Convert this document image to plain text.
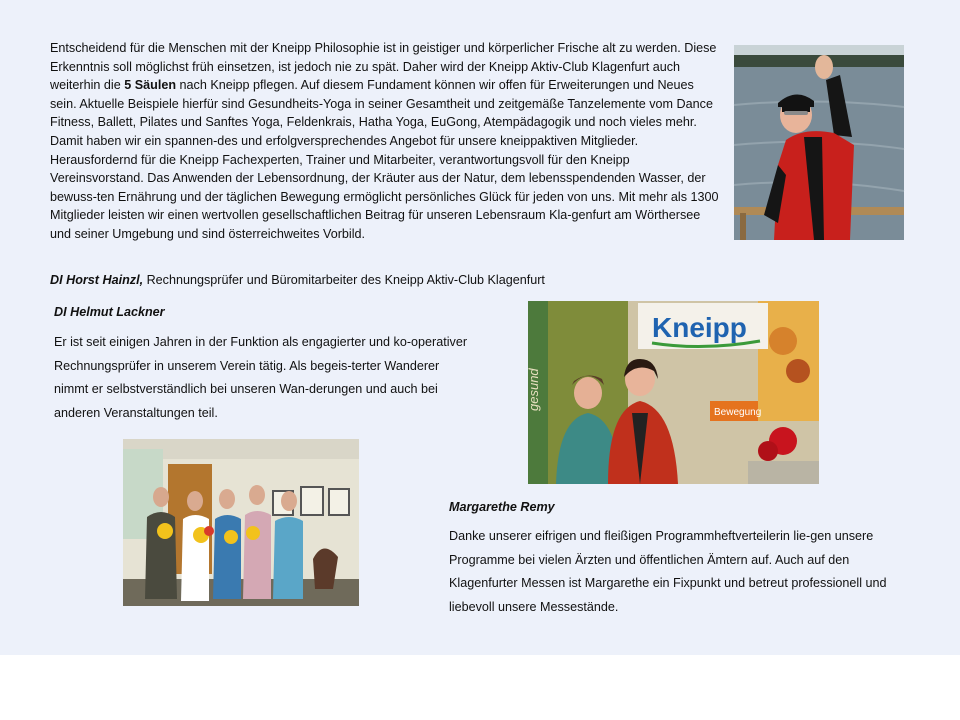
Entscheidend für die Menschen mit der Kneipp Philosophie ist in geistiger und körperlicher Frische alt zu werden. Diese Erkenntnis soll möglichst früh einsetzen, ist jedoch nie zu spät. Daher wird der Kneipp Aktiv-Club Klagenfurt auch weiterhin die 5 Säulen nach Kneipp pflegen. Auf diesem Fundament können wir offen für Erweiterungen und Neues sein. Aktuelle Beispiele hierfür sind Gesundheits-Yoga in seiner Gesamtheit und zeitgemäße Tanzelemente vom Dance Fitness, Ballett, Pilates und Sanftes Yoga, Feldenkrais, Hatha Yoga, EuGong, Atempädagogik und noch vieles mehr. Damit haben wir ein spannen-des und erfolgversprechendes Angebot für unsere kneippaktiven Mitglieder. Herausfordernd für die Kneipp Fachexperten, Trainer und Mitarbeiter, verantwortungsvoll für den Kneipp Vereinsvorstand. Das Anwenden der Lebensordnung, der Kräuter aus der Natur, dem lebensspendenden Wasser, der bewuss-ten Ernährung und der täglichen Bewegung ermöglicht persönliches Glück für jeden von uns. Mit mehr als 1300 Mitglieder leisten wir einen wertvollen gesellschaftlichen Beitrag für unseren Lebensraum Kla-genfurt am Wörthersee und seiner Umgebung und sind österreichweites Vorbild.

DI Horst Hainzl, Rechnungsprüfer und Büromitarbeiter des Kneipp Aktiv-Club Klagenfurt

DI Helmut Lackner

Er ist seit einigen Jahren in der Funktion als engagierter und ko-operativer Rechnungsprüfer in unserem Verein tätig. Als begeis-terter Wanderer nimmt er selbstverständlich bei unseren Wan-derungen und auch bei anderen Veranstaltungen teil.

Margarethe Remy

Danke unserer eifrigen und fleißigen Programmheftverteilerin lie-gen unsere Programme bei vielen Ärzten und öffentlichen Ämtern auf. Auch auf den Klagenfurter Messen ist Margarethe ein Fixpunkt und betreut professionell und liebevoll unsere Messestände.

gesund
Kneipp
Bewegung
